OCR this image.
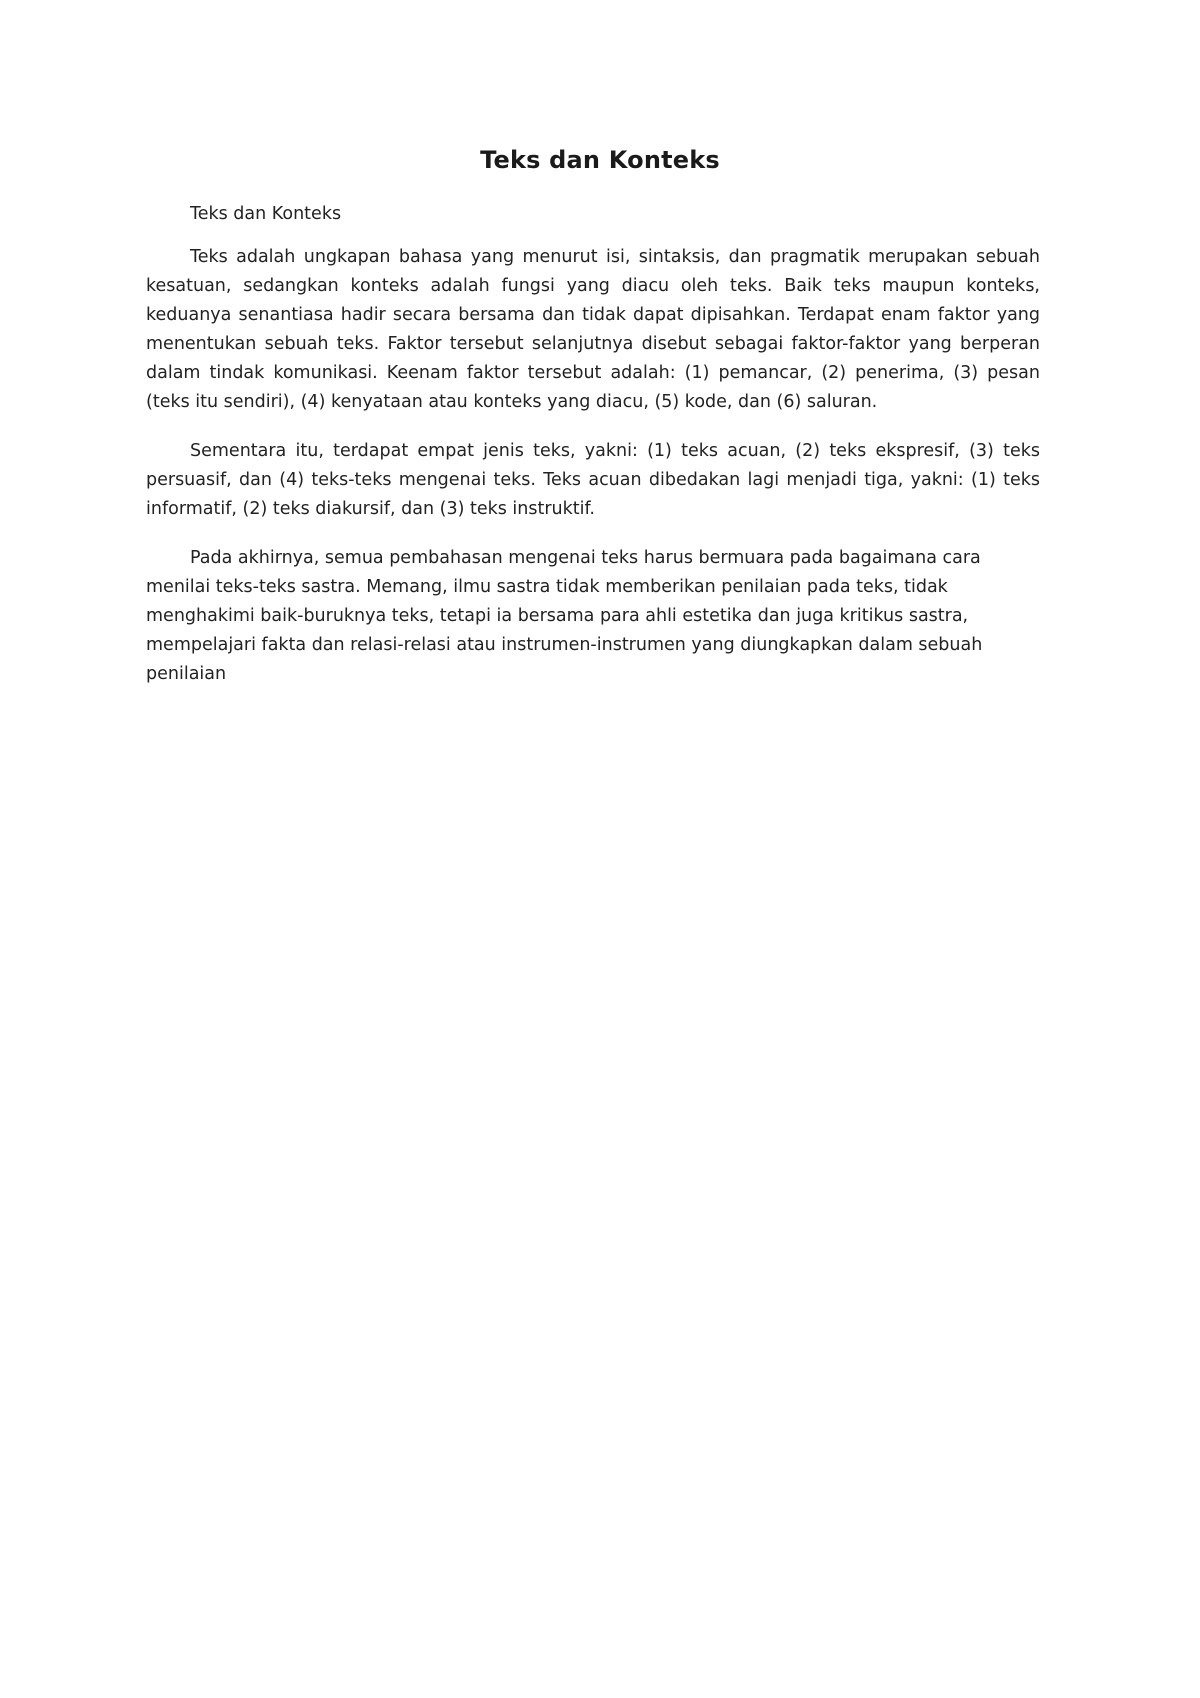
Teks dan Konteks

Teks dan Konteks

Teks adalah ungkapan bahasa yang menurut isi, sintaksis, dan pragmatik merupakan sebuah kesatuan, sedangkan konteks adalah fungsi yang diacu oleh teks. Baik teks maupun konteks, keduanya senantiasa hadir secara bersama dan tidak dapat dipisahkan. Terdapat enam faktor yang menentukan sebuah teks. Faktor tersebut selanjutnya disebut sebagai faktor-faktor yang berperan dalam tindak komunikasi. Keenam faktor tersebut adalah: (1) pemancar, (2) penerima, (3) pesan (teks itu sendiri), (4) kenyataan atau konteks yang diacu, (5) kode, dan (6) saluran.

Sementara itu, terdapat empat jenis teks, yakni: (1) teks acuan, (2) teks ekspresif, (3) teks persuasif, dan (4) teks-teks mengenai teks. Teks acuan dibedakan lagi menjadi tiga, yakni: (1) teks informatif, (2) teks diakursif, dan (3) teks instruktif.

Pada akhirnya, semua pembahasan mengenai teks harus bermuara pada bagaimana cara menilai teks-teks sastra. Memang, ilmu sastra tidak memberikan penilaian pada teks, tidak menghakimi baik-buruknya teks, tetapi ia bersama para ahli estetika dan juga kritikus sastra, mempelajari fakta dan relasi-relasi atau instrumen-instrumen yang diungkapkan dalam sebuah penilaian
